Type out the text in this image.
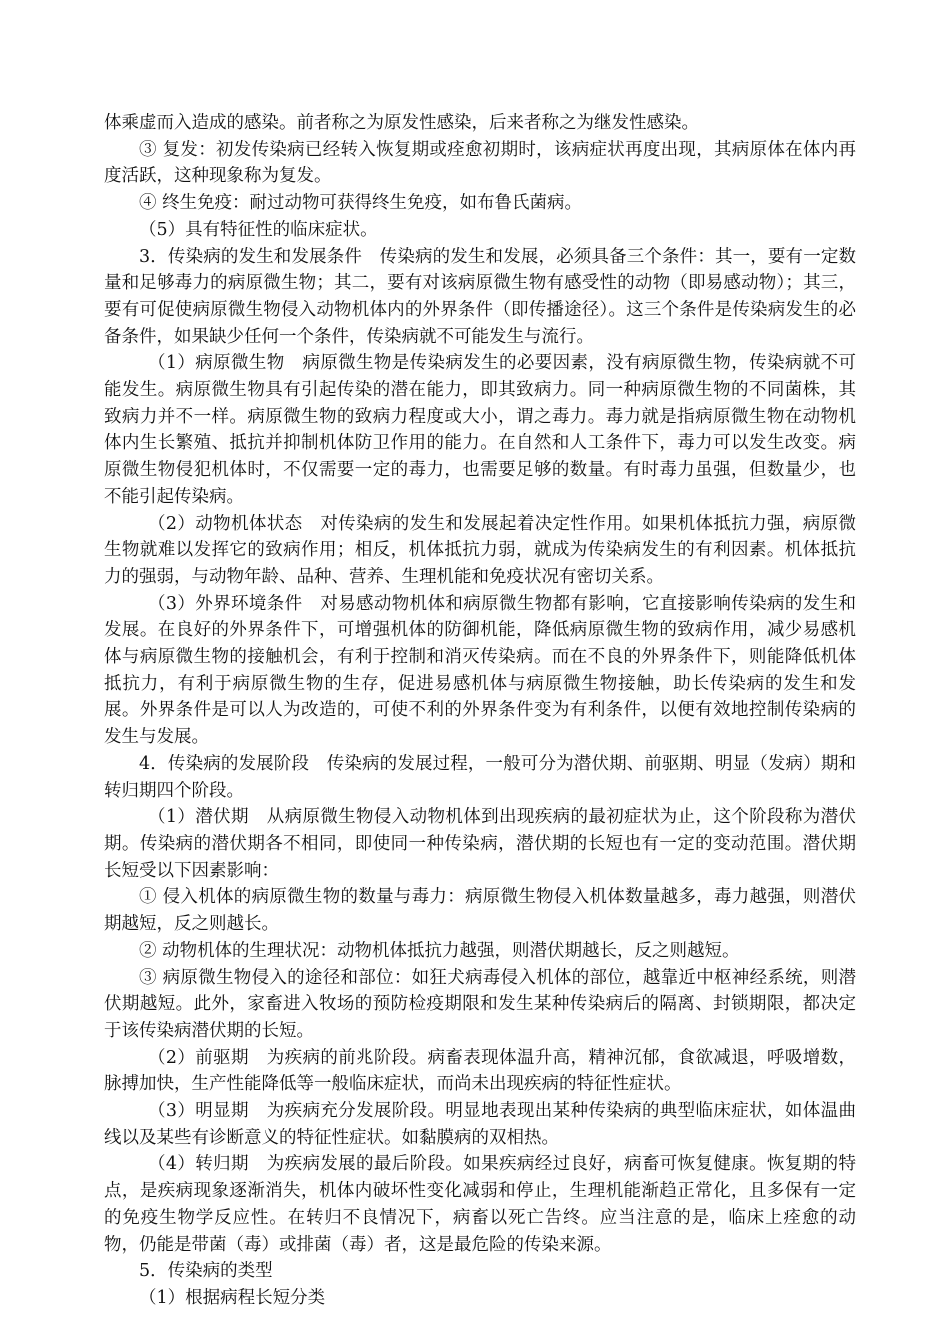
体乘虚而入造成的感染。前者称之为原发性感染，后来者称之为继发性感染。

③ 复发：初发传染病已经转入恢复期或痊愈初期时，该病症状再度出现，其病原体在体内再度活跃，这种现象称为复发。

④ 终生免疫：耐过动物可获得终生免疫，如布鲁氏菌病。

（5）具有特征性的临床症状。

3．传染病的发生和发展条件　传染病的发生和发展，必须具备三个条件：其一，要有一定数量和足够毒力的病原微生物；其二，要有对该病原微生物有感受性的动物（即易感动物）；其三，要有可促使病原微生物侵入动物机体内的外界条件（即传播途径）。这三个条件是传染病发生的必备条件，如果缺少任何一个条件，传染病就不可能发生与流行。

（1）病原微生物　病原微生物是传染病发生的必要因素，没有病原微生物，传染病就不可能发生。病原微生物具有引起传染的潜在能力，即其致病力。同一种病原微生物的不同菌株，其致病力并不一样。病原微生物的致病力程度或大小，谓之毒力。毒力就是指病原微生物在动物机体内生长繁殖、抵抗并抑制机体防卫作用的能力。在自然和人工条件下，毒力可以发生改变。病原微生物侵犯机体时，不仅需要一定的毒力，也需要足够的数量。有时毒力虽强，但数量少，也不能引起传染病。

（2）动物机体状态　对传染病的发生和发展起着决定性作用。如果机体抵抗力强，病原微生物就难以发挥它的致病作用；相反，机体抵抗力弱，就成为传染病发生的有利因素。机体抵抗力的强弱，与动物年龄、品种、营养、生理机能和免疫状况有密切关系。

（3）外界环境条件　对易感动物机体和病原微生物都有影响，它直接影响传染病的发生和发展。在良好的外界条件下，可增强机体的防御机能，降低病原微生物的致病作用，减少易感机体与病原微生物的接触机会，有利于控制和消灭传染病。而在不良的外界条件下，则能降低机体抵抗力，有利于病原微生物的生存，促进易感机体与病原微生物接触，助长传染病的发生和发展。外界条件是可以人为改造的，可使不利的外界条件变为有利条件，以便有效地控制传染病的发生与发展。

4．传染病的发展阶段　传染病的发展过程，一般可分为潜伏期、前驱期、明显（发病）期和转归期四个阶段。

（1）潜伏期　从病原微生物侵入动物机体到出现疾病的最初症状为止，这个阶段称为潜伏期。传染病的潜伏期各不相同，即使同一种传染病，潜伏期的长短也有一定的变动范围。潜伏期长短受以下因素影响：

① 侵入机体的病原微生物的数量与毒力：病原微生物侵入机体数量越多，毒力越强，则潜伏期越短，反之则越长。

② 动物机体的生理状况：动物机体抵抗力越强，则潜伏期越长，反之则越短。

③ 病原微生物侵入的途径和部位：如狂犬病毒侵入机体的部位，越靠近中枢神经系统，则潜伏期越短。此外，家畜进入牧场的预防检疫期限和发生某种传染病后的隔离、封锁期限，都决定于该传染病潜伏期的长短。

（2）前驱期　为疾病的前兆阶段。病畜表现体温升高，精神沉郁，食欲减退，呼吸增数，脉搏加快，生产性能降低等一般临床症状，而尚未出现疾病的特征性症状。

（3）明显期　为疾病充分发展阶段。明显地表现出某种传染病的典型临床症状，如体温曲线以及某些有诊断意义的特征性症状。如黏膜病的双相热。

（4）转归期　为疾病发展的最后阶段。如果疾病经过良好，病畜可恢复健康。恢复期的特点，是疾病现象逐渐消失，机体内破坏性变化减弱和停止，生理机能渐趋正常化，且多保有一定的免疫生物学反应性。在转归不良情况下，病畜以死亡告终。应当注意的是，临床上痊愈的动物，仍能是带菌（毒）或排菌（毒）者，这是最危险的传染来源。

5．传染病的类型

（1）根据病程长短分类
